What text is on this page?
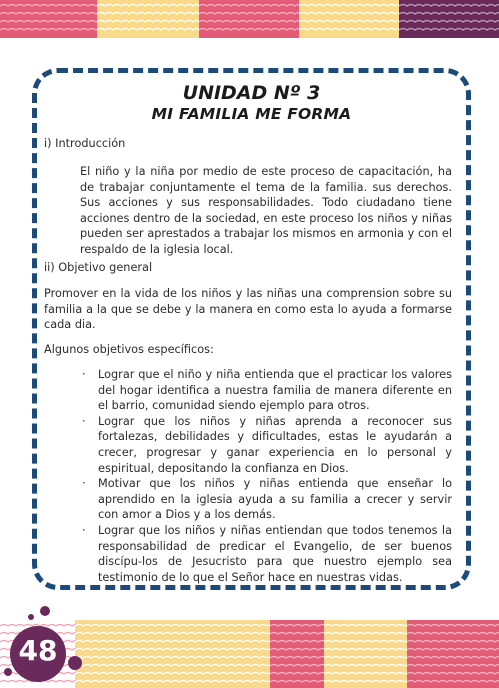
UNIDAD Nº 3
MI FAMILIA ME FORMA

i) Introducción

El niño y la niña por medio de este proceso de capacitación, ha de trabajar conjuntamente el tema de la familia. sus derechos. Sus acciones y sus responsabilidades. Todo ciudadano tiene acciones dentro de la sociedad, en este proceso los niños y niñas pueden ser aprestados a trabajar los mismos en armonia y con el respaldo de la iglesia local.

ii) Objetivo general

Promover en la vida de los niños y las niñas una comprension sobre su familia a la que se debe y la manera en como esta lo ayuda a formarse cada dia.

Algunos objetivos específicos:

· Lograr que el niño y niña entienda que el practicar los valores del hogar identifica a nuestra familia de manera diferente en el barrio, comunidad siendo ejemplo para otros.
· Lograr que los niños y niñas aprenda a reconocer sus fortalezas, debilidades y dificultades, estas le ayudarán a crecer, progresar y ganar experiencia en lo personal y espiritual, depositando la confianza en Dios.
· Motivar que los niños y niñas entienda que enseñar lo aprendido en la iglesia ayuda a su familia a crecer y servir con amor a Dios y a los demás.
· Lograr que los niños y niñas entiendan que todos tenemos la responsabilidad de predicar el Evangelio, de ser buenos discípu-los de Jesucristo para que nuestro ejemplo sea testimonio de lo que el Señor hace en nuestras vidas.
48
